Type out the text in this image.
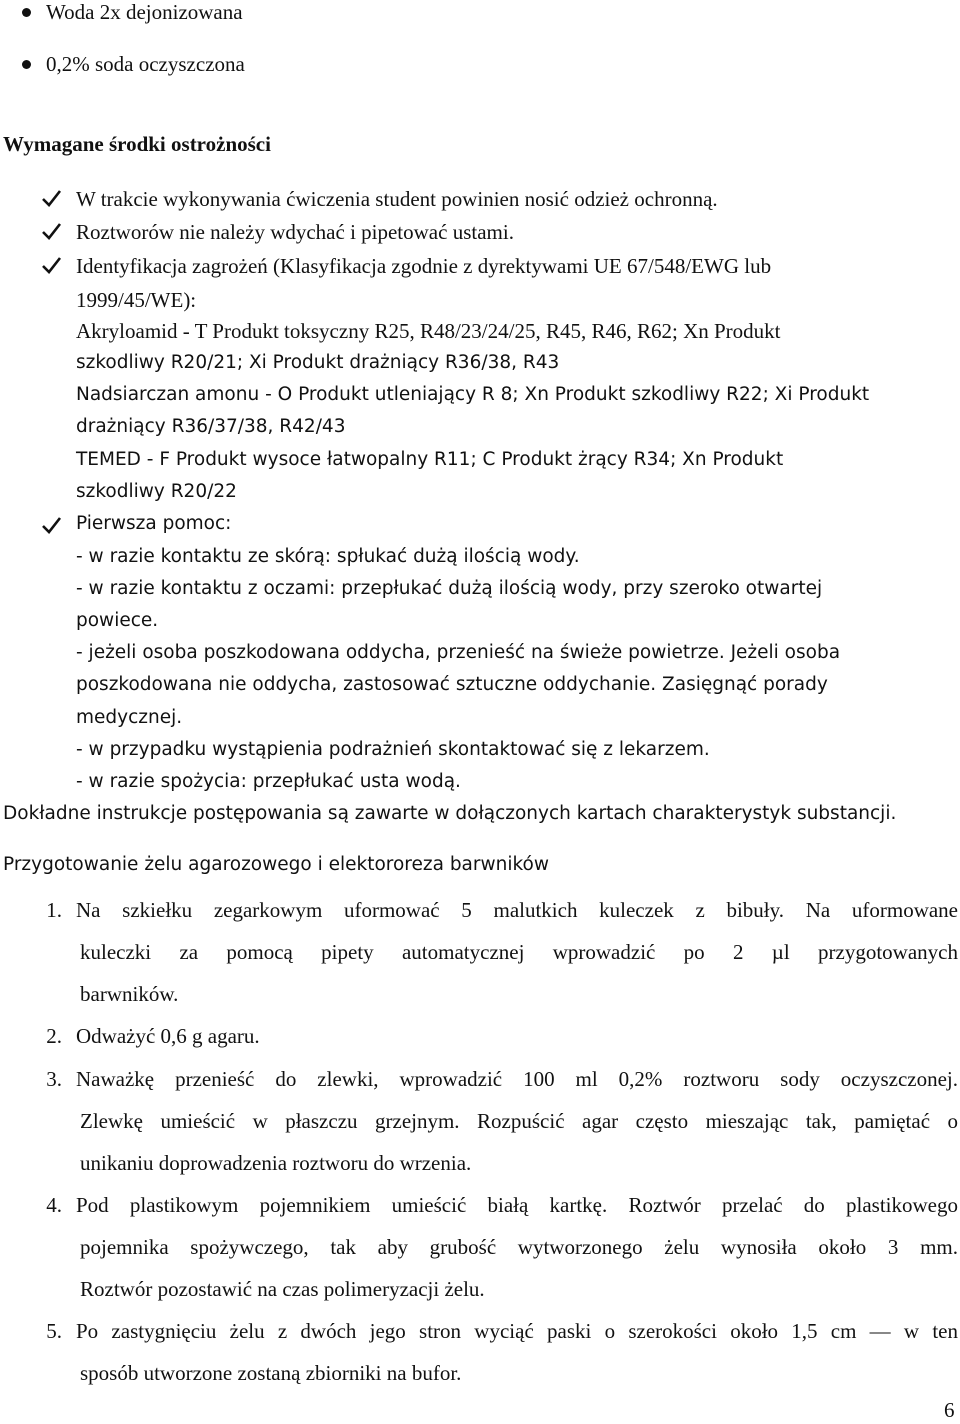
Woda 2x dejonizowana
0,2% soda oczyszczona
Wymagane środki ostrożności
W trakcie wykonywania ćwiczenia student powinien nosić odzież ochronną.
Roztworów nie należy wdychać i pipetować ustami.
Identyfikacja zagrożeń (Klasyfikacja zgodnie z dyrektywami UE 67/548/EWG lub
1999/45/WE):
Akryloamid - T Produkt toksyczny R25, R48/23/24/25, R45, R46, R62; Xn Produkt
szkodliwy R20/21; Xi Produkt drażniący R36/38, R43
Nadsiarczan amonu - O Produkt utleniający R 8; Xn Produkt szkodliwy R22; Xi Produkt
drażniący R36/37/38, R42/43
TEMED - F Produkt wysoce łatwopalny R11; C Produkt żrący R34; Xn Produkt
szkodliwy R20/22
Pierwsza pomoc:
- w razie kontaktu ze skórą: spłukać dużą ilością wody.
- w razie kontaktu z oczami: przepłukać dużą ilością wody, przy szeroko otwartej
powiece.
- jeżeli osoba poszkodowana oddycha, przenieść na świeże powietrze. Jeżeli osoba
poszkodowana nie oddycha, zastosować sztuczne oddychanie. Zasięgnąć porady
medycznej.
- w przypadku wystąpienia podrażnień skontaktować się z lekarzem.
- w razie spożycia: przepłukać usta wodą.
Dokładne instrukcje postępowania są zawarte w dołączonych kartach charakterystyk substancji.
Przygotowanie żelu agarozowego i elektororeza barwników
1. Na szkiełku zegarkowym uformować 5 malutkich kuleczek z bibuły. Na uformowane
kuleczki za pomocą pipety automatycznej wprowadzić po 2 µl przygotowanych
barwników.
2. Odważyć 0,6 g agaru.
3. Naważkę przenieść do zlewki, wprowadzić 100 ml 0,2% roztworu sody oczyszczonej.
Zlewkę umieścić w płaszczu grzejnym. Rozpuścić agar często mieszając tak, pamiętać o
unikaniu doprowadzenia roztworu do wrzenia.
4. Pod plastikowym pojemnikiem umieścić białą kartkę. Roztwór przelać do plastikowego
pojemnika spożywczego, tak aby grubość wytworzonego żelu wynosiła około 3 mm.
Roztwór pozostawić na czas polimeryzacji żelu.
5. Po zastygnięciu żelu z dwóch jego stron wyciąć paski o szerokości około 1,5 cm — w ten
sposób utworzone zostaną zbiorniki na bufor.
6
